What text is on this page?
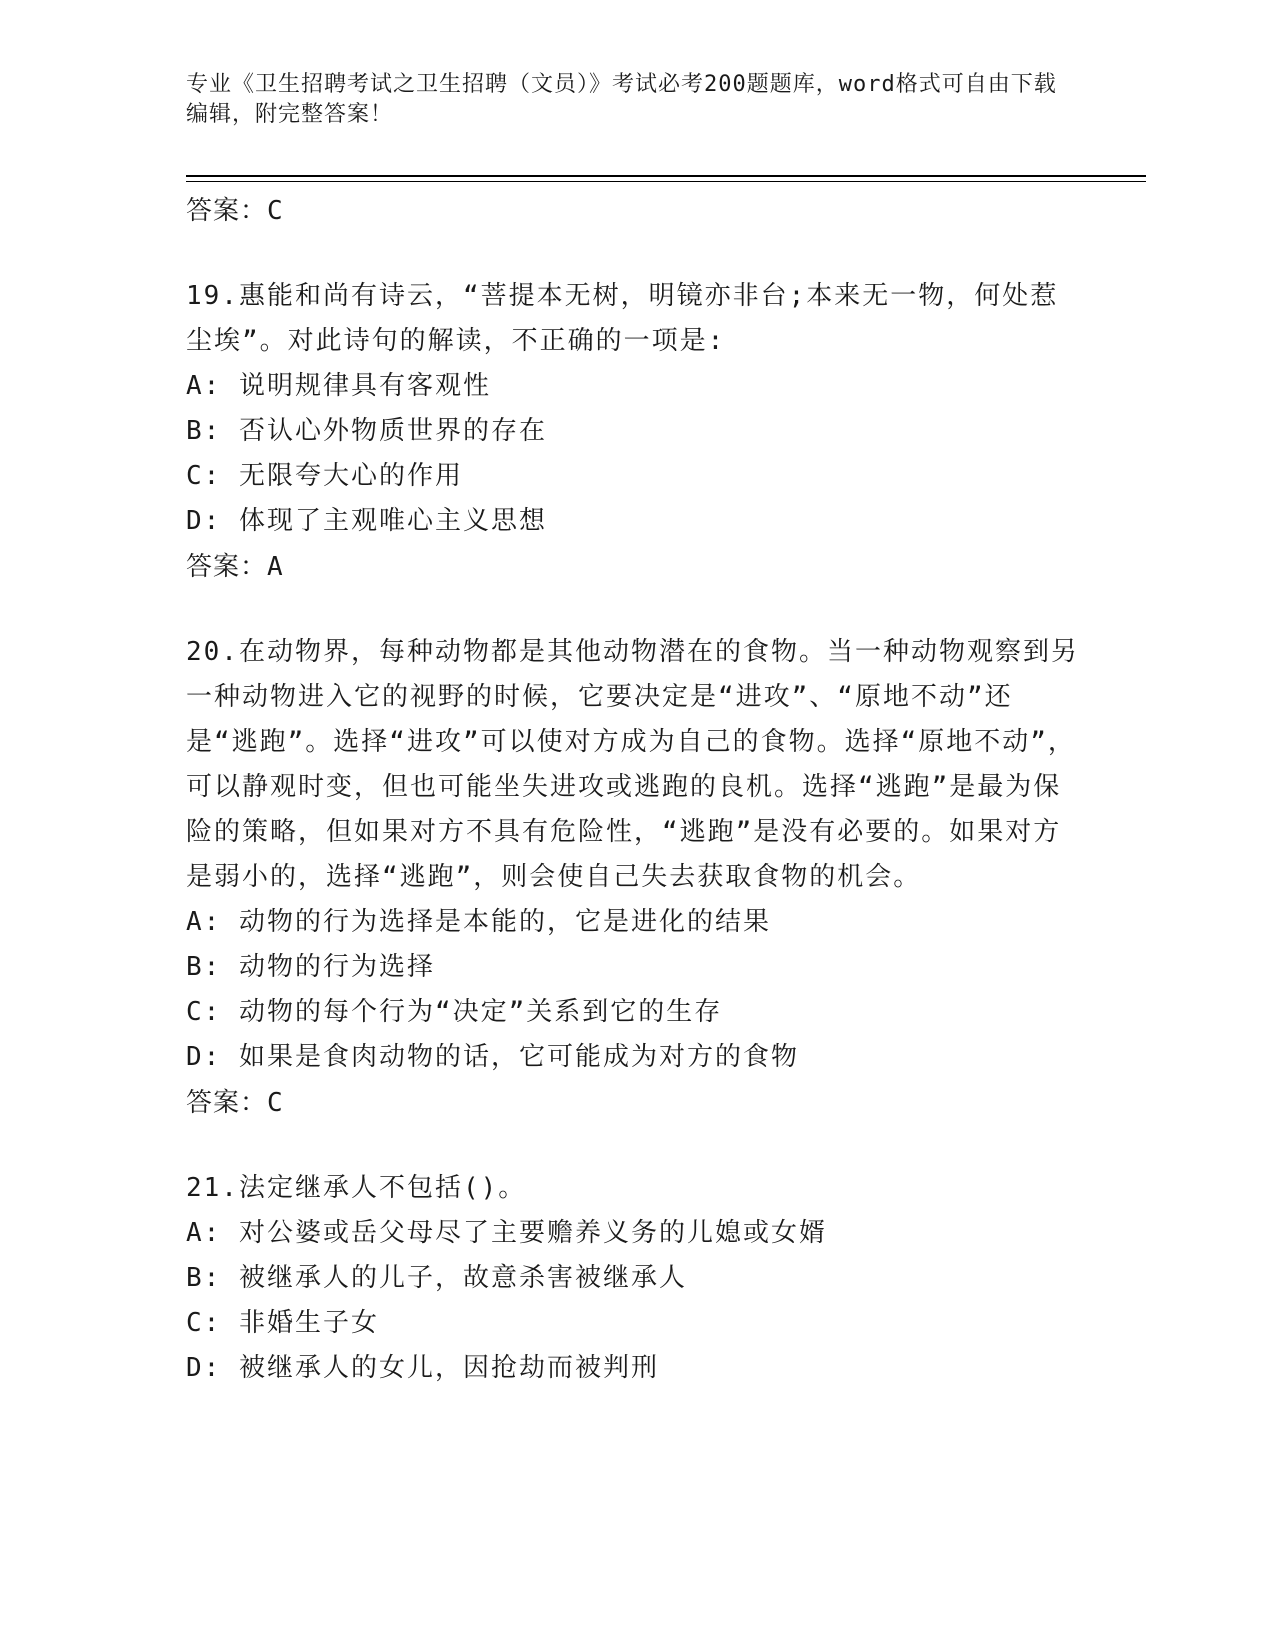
专业《卫生招聘考试之卫生招聘（文员）》考试必考200题题库，word格式可自由下载编辑，附完整答案！

答案：C

19.惠能和尚有诗云，“菩提本无树，明镜亦非台;本来无一物，何处惹尘埃”。对此诗句的解读，不正确的一项是:

A: 说明规律具有客观性

B: 否认心外物质世界的存在

C: 无限夸大心的作用

D: 体现了主观唯心主义思想

答案：A

20.在动物界，每种动物都是其他动物潜在的食物。当一种动物观察到另一种动物进入它的视野的时候，它要决定是“进攻”、“原地不动”还是“逃跑”。选择“进攻”可以使对方成为自己的食物。选择“原地不动”，可以静观时变，但也可能坐失进攻或逃跑的良机。选择“逃跑”是最为保险的策略，但如果对方不具有危险性，“逃跑”是没有必要的。如果对方是弱小的，选择“逃跑”，则会使自己失去获取食物的机会。

A: 动物的行为选择是本能的，它是进化的结果

B: 动物的行为选择

C: 动物的每个行为“决定”关系到它的生存

D: 如果是食肉动物的话，它可能成为对方的食物

答案：C

21.法定继承人不包括()。

A: 对公婆或岳父母尽了主要赡养义务的儿媳或女婿

B: 被继承人的儿子，故意杀害被继承人

C: 非婚生子女

D: 被继承人的女儿，因抢劫而被判刑
